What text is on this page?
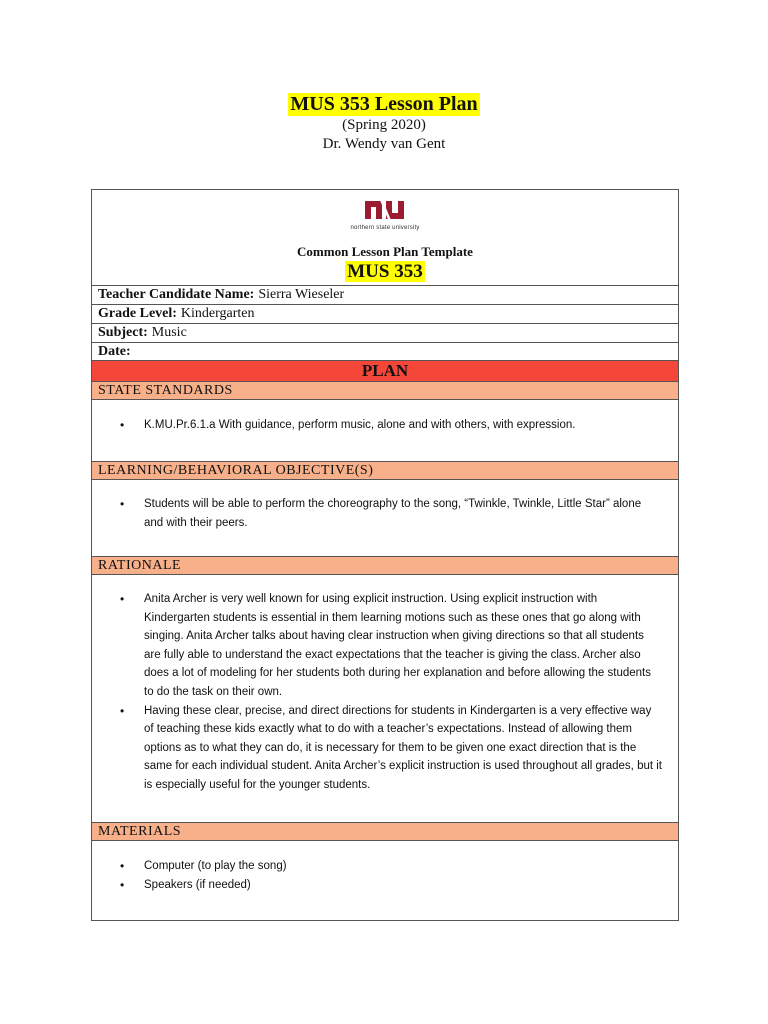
MUS 353 Lesson Plan
(Spring 2020)
Dr. Wendy van Gent
northern state university
Common Lesson Plan Template
MUS 353
Teacher Candidate Name: Sierra Wieseler
Grade Level: Kindergarten
Subject: Music
Date:
PLAN
STATE STANDARDS
• K.MU.Pr.6.1.a With guidance, perform music, alone and with others, with expression.
LEARNING/BEHAVIORAL OBJECTIVE(S)
• Students will be able to perform the choreography to the song, “Twinkle, Twinkle, Little Star” alone and with their peers.
RATIONALE
• Anita Archer is very well known for using explicit instruction. Using explicit instruction with Kindergarten students is essential in them learning motions such as these ones that go along with singing. Anita Archer talks about having clear instruction when giving directions so that all students are fully able to understand the exact expectations that the teacher is giving the class. Archer also does a lot of modeling for her students both during her explanation and before allowing the students to do the task on their own.
• Having these clear, precise, and direct directions for students in Kindergarten is a very effective way of teaching these kids exactly what to do with a teacher’s expectations. Instead of allowing them options as to what they can do, it is necessary for them to be given one exact direction that is the same for each individual student. Anita Archer’s explicit instruction is used throughout all grades, but it is especially useful for the younger students.
MATERIALS
• Computer (to play the song)
• Speakers (if needed)
